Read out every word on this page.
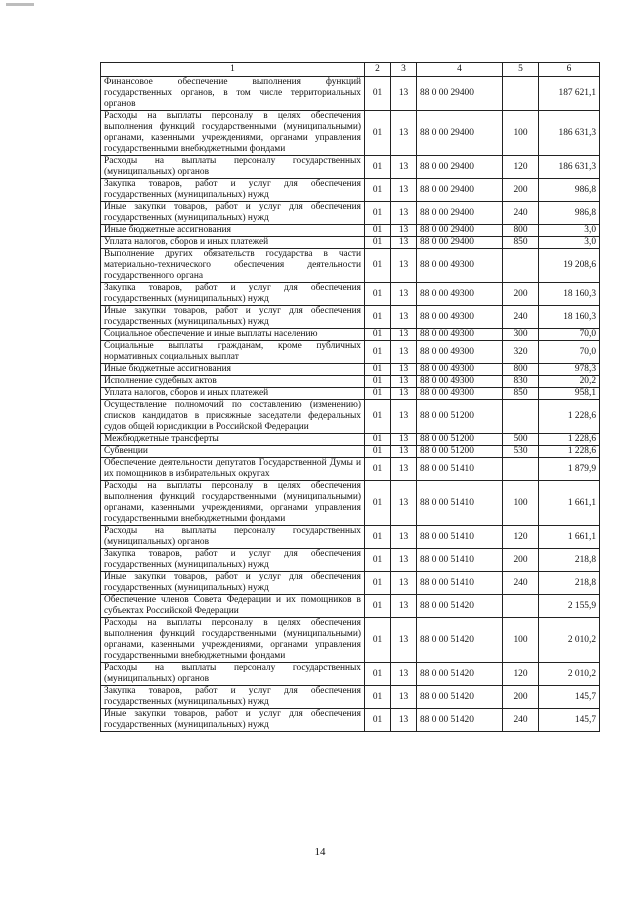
1	2	3	4	5	6
Финансовое обеспечение выполнения функций государственных органов, в том числе территориальных органов	01	13	88 0 00 29400		187 621,1
Расходы на выплаты персоналу в целях обеспечения выполнения функций государственными (муниципальными) органами, казенными учреждениями, органами управления государственными внебюджетными фондами	01	13	88 0 00 29400	100	186 631,3
Расходы на выплаты персоналу государственных (муниципальных) органов	01	13	88 0 00 29400	120	186 631,3
Закупка товаров, работ и услуг для обеспечения государственных (муниципальных) нужд	01	13	88 0 00 29400	200	986,8
Иные закупки товаров, работ и услуг для обеспечения государственных (муниципальных) нужд	01	13	88 0 00 29400	240	986,8
Иные бюджетные ассигнования	01	13	88 0 00 29400	800	3,0
Уплата налогов, сборов и иных платежей	01	13	88 0 00 29400	850	3,0
Выполнение других обязательств государства в части материально-технического обеспечения деятельности государственного органа	01	13	88 0 00 49300		19 208,6
Закупка товаров, работ и услуг для обеспечения государственных (муниципальных) нужд	01	13	88 0 00 49300	200	18 160,3
Иные закупки товаров, работ и услуг для обеспечения государственных (муниципальных) нужд	01	13	88 0 00 49300	240	18 160,3
Социальное обеспечение и иные выплаты населению	01	13	88 0 00 49300	300	70,0
Социальные выплаты гражданам, кроме публичных нормативных социальных выплат	01	13	88 0 00 49300	320	70,0
Иные бюджетные ассигнования	01	13	88 0 00 49300	800	978,3
Исполнение судебных актов	01	13	88 0 00 49300	830	20,2
Уплата налогов, сборов и иных платежей	01	13	88 0 00 49300	850	958,1
Осуществление полномочий по составлению (изменению) списков кандидатов в присяжные заседатели федеральных судов общей юрисдикции в Российской Федерации	01	13	88 0 00 51200		1 228,6
Межбюджетные трансферты	01	13	88 0 00 51200	500	1 228,6
Субвенции	01	13	88 0 00 51200	530	1 228,6
Обеспечение деятельности депутатов Государственной Думы и их помощников в избирательных округах	01	13	88 0 00 51410		1 879,9
Расходы на выплаты персоналу в целях обеспечения выполнения функций государственными (муниципальными) органами, казенными учреждениями, органами управления государственными внебюджетными фондами	01	13	88 0 00 51410	100	1 661,1
Расходы на выплаты персоналу государственных (муниципальных) органов	01	13	88 0 00 51410	120	1 661,1
Закупка товаров, работ и услуг для обеспечения государственных (муниципальных) нужд	01	13	88 0 00 51410	200	218,8
Иные закупки товаров, работ и услуг для обеспечения государственных (муниципальных) нужд	01	13	88 0 00 51410	240	218,8
Обеспечение членов Совета Федерации и их помощников в субъектах Российской Федерации	01	13	88 0 00 51420		2 155,9
Расходы на выплаты персоналу в целях обеспечения выполнения функций государственными (муниципальными) органами, казенными учреждениями, органами управления государственными внебюджетными фондами	01	13	88 0 00 51420	100	2 010,2
Расходы на выплаты персоналу государственных (муниципальных) органов	01	13	88 0 00 51420	120	2 010,2
Закупка товаров, работ и услуг для обеспечения государственных (муниципальных) нужд	01	13	88 0 00 51420	200	145,7
Иные закупки товаров, работ и услуг для обеспечения государственных (муниципальных) нужд	01	13	88 0 00 51420	240	145,7
14
